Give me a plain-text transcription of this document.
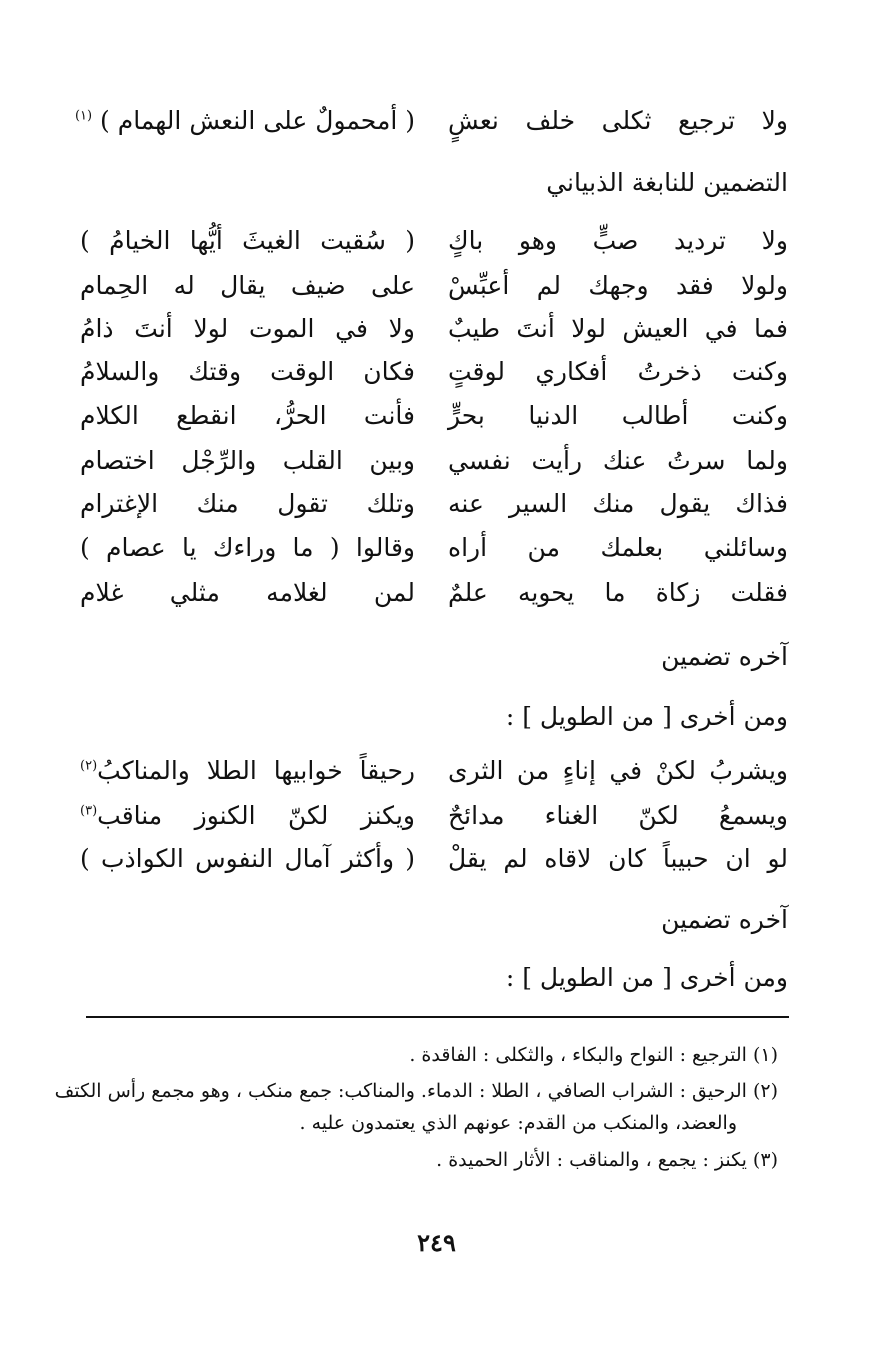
ولا ترجيع ثكلى خلف نعشٍ
( أمحمولٌ على النعش الهمام ) $^{(١)}$
التضمين للنابغة الذبياني
ولا ترديد صبٍّ وهو باكٍ
( سُقيت الغيثَ أيُّها الخيامُ )
ولولا فقد وجهك لم أعبِّسْ
على ضيف يقال له الحِمام
فما في العيش لولا أنتَ طيبٌ
ولا في الموت لولا أنتَ ذامُ
وكنت ذخرتُ أفكاري لوقتٍ
فكان الوقت وقتك والسلامُ
وكنت أطالب الدنيا بحرٍّ
فأنت الحرُّ، انقطع الكلام
ولما سرتُ عنك رأيت نفسي
وبين القلب والرِّجْل اختصام
فذاك يقول منك السير عنه
وتلك تقول منك الإغترام
وسائلني بعلمك من أراه
وقالوا ( ما وراءك يا عصام )
فقلت زكاة ما يحويه علمٌ
لمن لغلامه مثلي غلام
آخره تضمين
ومن أخرى [ من الطويل ] :
ويشربُ لكنْ في إناءٍ من الثرى
رحيقاً خوابيها الطلا والمناكبُ$^{(٢)}$
ويسمعُ لكنّ الغناء مدائحٌ
ويكنز لكنّ الكنوز مناقب$^{(٣)}$
لو ان حبيباً كان لاقاه لم يقلْ
( وأكثر آمال النفوس الكواذب )
آخره تضمين
ومن أخرى [ من الطويل ] :
(١) الترجيع : النواح والبكاء ، والثكلى : الفاقدة .
(٢) الرحيق : الشراب الصافي ، الطلا : الدماء. والمناكب: جمع منكب ، وهو مجمع رأس الكتف
والعضد، والمنكب من القدم: عونهم الذي يعتمدون عليه .
(٣) يكنز : يجمع ، والمناقب : الأثار الحميدة .
٢٤٩
